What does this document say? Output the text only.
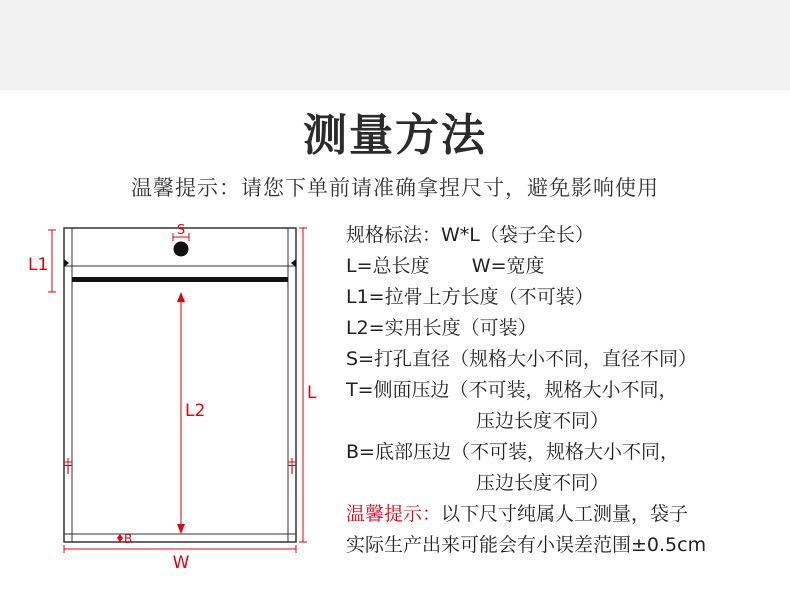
测量方法
温馨提示：请您下单前请准确拿捏尺寸，避免影响使用
S
L1
L2
L
T	T
B
W
规格标法：W*L（袋子全长）
L=总长度       W=宽度
L1=拉骨上方长度（不可装）
L2=实用长度（可装）
S=打孔直径（规格大小不同，直径不同）
T=侧面压边（不可装，规格大小不同，
压边长度不同）
B=底部压边（不可装，规格大小不同，
压边长度不同）
温馨提示：以下尺寸纯属人工测量，袋子
实际生产出来可能会有小误差范围±0.5cm
